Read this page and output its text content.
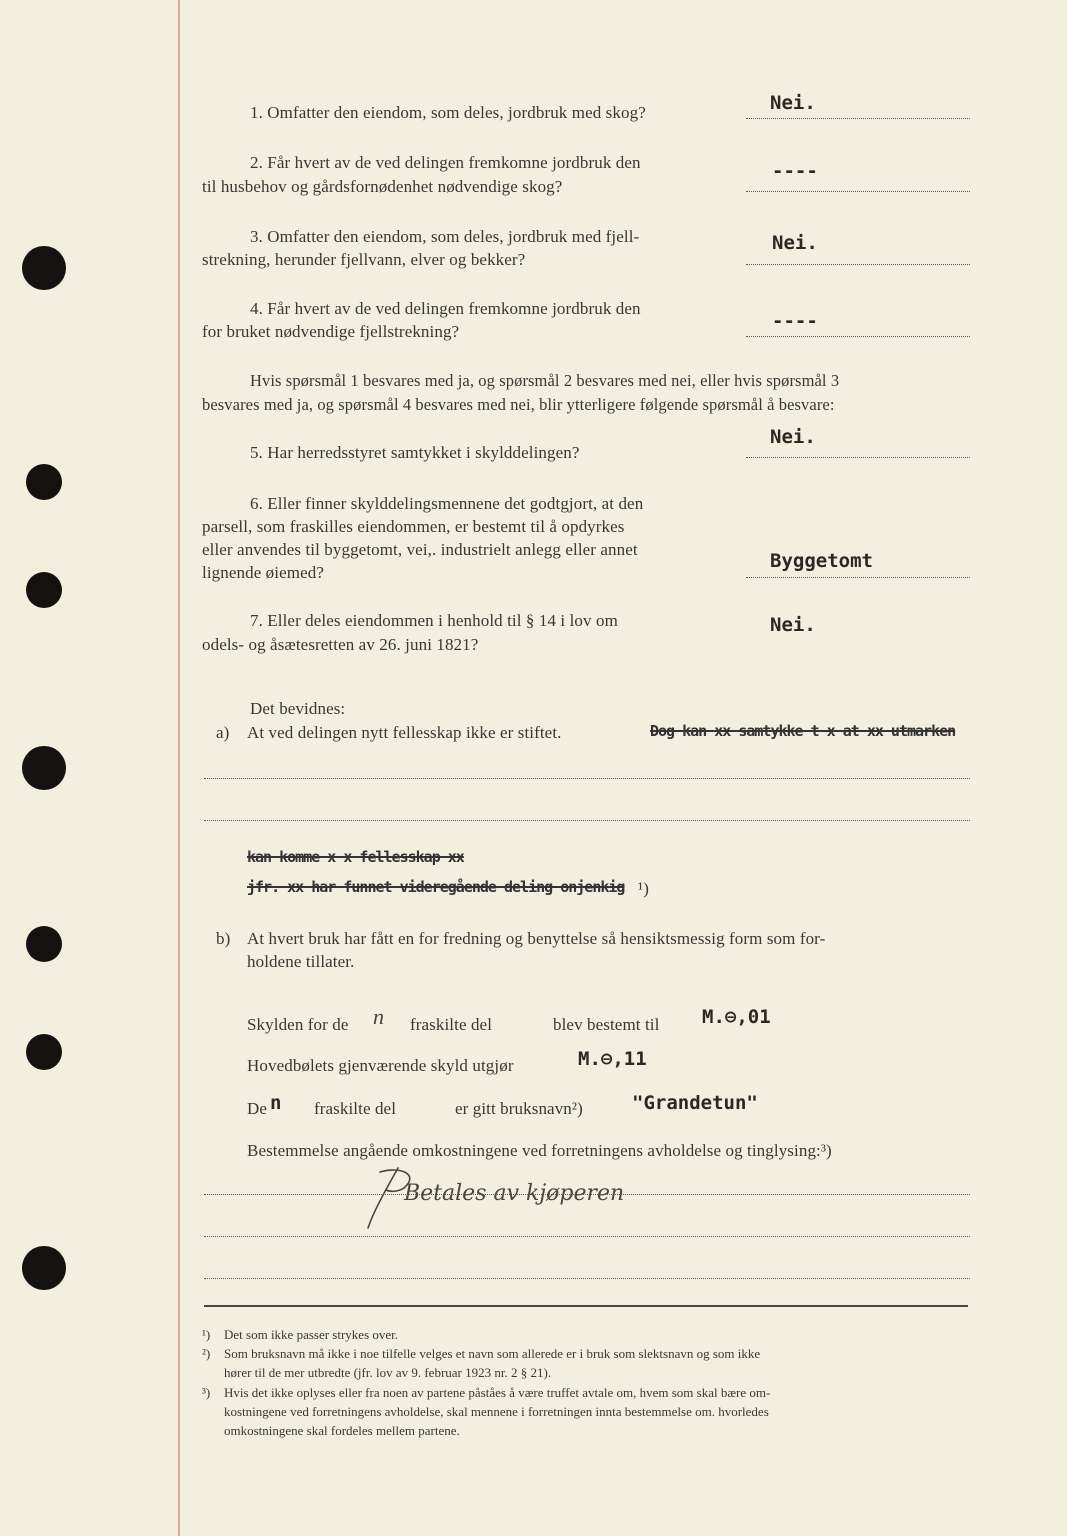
1. Omfatter den eiendom, som deles, jordbruk med skog?	Nei.
2. Får hvert av de ved delingen fremkomne jordbruk den
til husbehov og gårdsfornødenhet nødvendige skog?
----
3. Omfatter den eiendom, som deles, jordbruk med fjell-
strekning, herunder fjellvann, elver og bekker?
Nei.
4. Får hvert av de ved delingen fremkomne jordbruk den
for bruket nødvendige fjellstrekning?	----
Hvis spørsmål 1 besvares med ja, og spørsmål 2 besvares med nei, eller hvis spørsmål 3
besvares med ja, og spørsmål 4 besvares med nei, blir ytterligere følgende spørsmål å besvare:
5. Har herredsstyret samtykket i skylddelingen?
Nei.
6. Eller finner skylddelingsmennene det godtgjort, at den
parsell, som fraskilles eiendommen, er bestemt til å opdyrkes
eller anvendes til byggetomt, vei,. industrielt anlegg eller annet
lignende øiemed?
Byggetomt
7. Eller deles eiendommen i henhold til § 14 i lov om
odels- og åsætesretten av 26. juni 1821?
Nei.
Det bevidnes:
a) At ved delingen nytt fellesskap ikke er stiftet.	Dog kan xx samtykke t x at xx utmarken
kan komme x x fellesskap xx
jfr. xx har funnet videregående deling onjenkig ¹)
b) At hvert bruk har fått en for fredning og benyttelse så hensiktsmessig form som for-
holdene tillater.
Skylden for de n fraskilte del	blev bestemt til M.⊖,01
Hovedbølets gjenværende skyld utgjør	M.⊖,11
De n fraskilte del	er gitt bruksnavn²)	"Grandetun"
Bestemmelse angående omkostningene ved forretningens avholdelse og tinglysing:³)
Betales av kjøperen
¹) Det som ikke passer strykes over.
²) Som bruksnavn må ikke i noe tilfelle velges et navn som allerede er i bruk som slektsnavn og som ikke
hører til de mer utbredte (jfr. lov av 9. februar 1923 nr. 2 § 21).
³) Hvis det ikke oplyses eller fra noen av partene påståes å være truffet avtale om, hvem som skal bære om-
kostningene ved forretningens avholdelse, skal mennene i forretningen innta bestemmelse om. hvorledes
omkostningene skal fordeles mellem partene.
